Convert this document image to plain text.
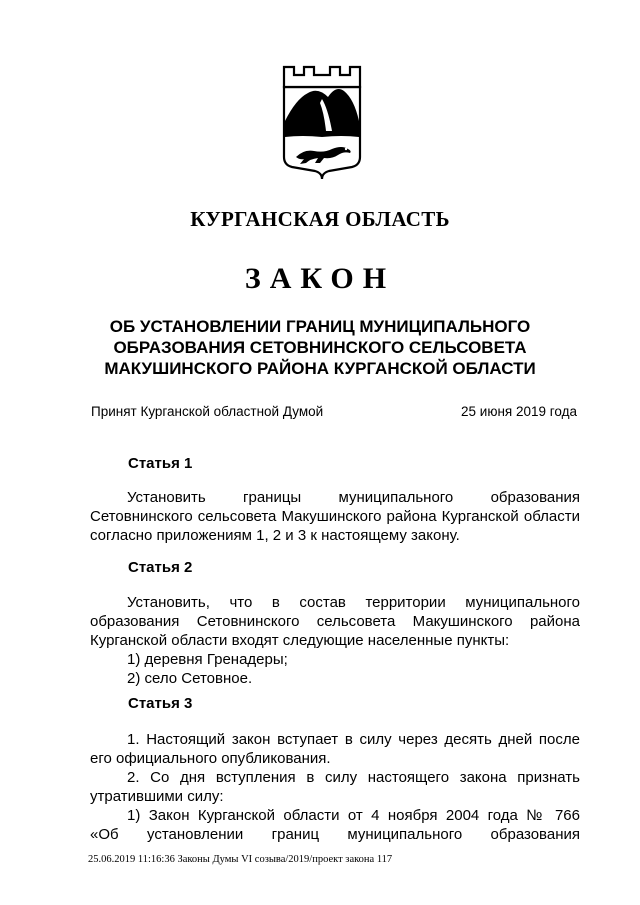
КУРГАНСКАЯ ОБЛАСТЬ
ЗАКОН
ОБ УСТАНОВЛЕНИИ ГРАНИЦ МУНИЦИПАЛЬНОГО
ОБРАЗОВАНИЯ СЕТОВНИНСКОГО СЕЛЬСОВЕТА
МАКУШИНСКОГО РАЙОНА КУРГАНСКОЙ ОБЛАСТИ
Принят Курганской областной Думой	25 июня 2019 года
Статья 1

Установить границы муниципального образования

Сетовнинского сельсовета Макушинского района Курганской области

согласно приложениям 1, 2 и 3 к настоящему закону.

Статья 2

Установить, что в состав территории муниципального

образования Сетовнинского сельсовета Макушинского района

Курганской области входят следующие населенные пункты:

1) деревня Гренадеры;

2) село Сетовное.

Статья 3

1. Настоящий закон вступает в силу через десять дней после

его официального опубликования.

2. Со дня вступления в силу настоящего закона признать

утратившими силу:

1) Закон Курганской области от 4 ноября 2004 года № 766

«Об установлении границ муниципального образования

25.06.2019 11:16:36 Законы Думы VI созыва/2019/проект закона 117
